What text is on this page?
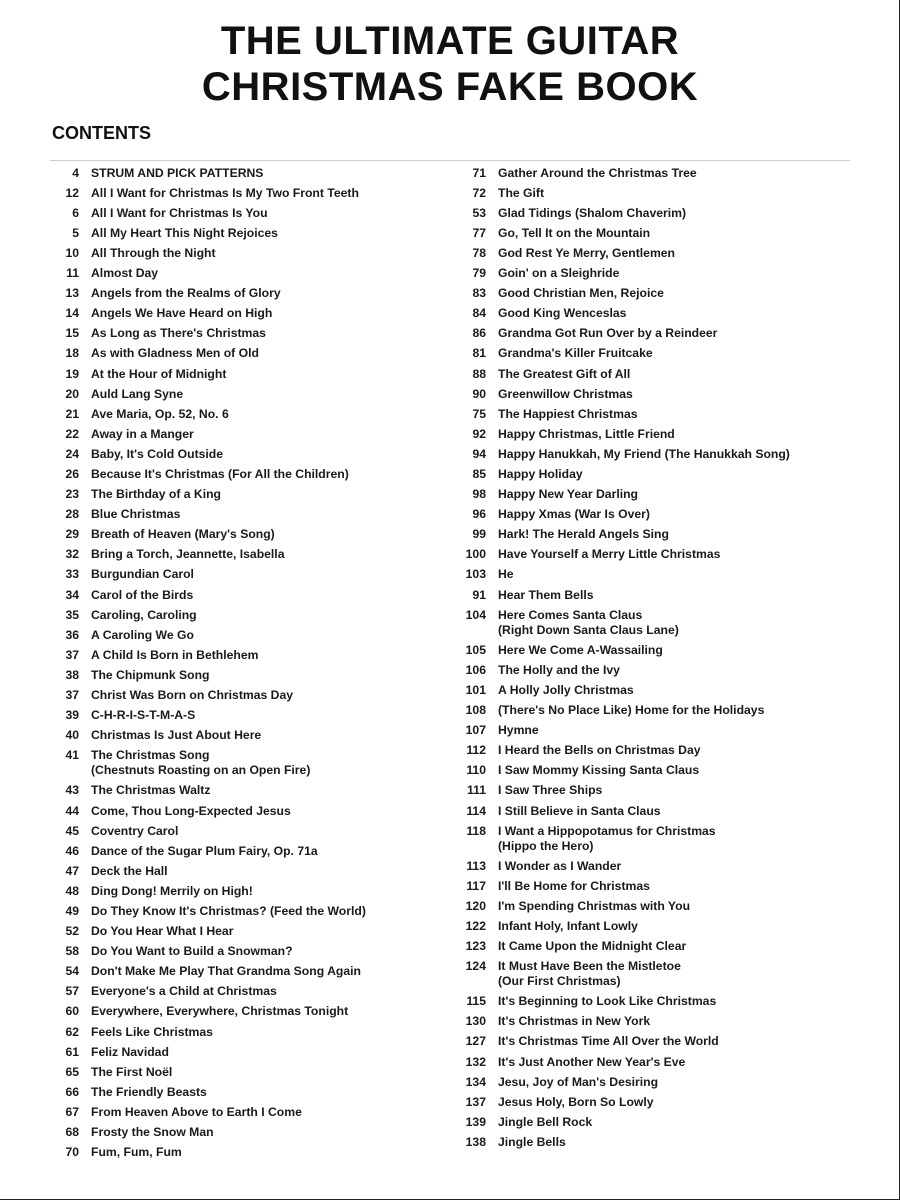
THE ULTIMATE GUITAR
CHRISTMAS FAKE BOOK
CONTENTS
4 STRUM AND PICK PATTERNS
12 All I Want for Christmas Is My Two Front Teeth
6 All I Want for Christmas Is You
5 All My Heart This Night Rejoices
10 All Through the Night
11 Almost Day
13 Angels from the Realms of Glory
14 Angels We Have Heard on High
15 As Long as There's Christmas
18 As with Gladness Men of Old
19 At the Hour of Midnight
20 Auld Lang Syne
21 Ave Maria, Op. 52, No. 6
22 Away in a Manger
24 Baby, It's Cold Outside
26 Because It's Christmas (For All the Children)
23 The Birthday of a King
28 Blue Christmas
29 Breath of Heaven (Mary's Song)
32 Bring a Torch, Jeannette, Isabella
33 Burgundian Carol
34 Carol of the Birds
35 Caroling, Caroling
36 A Caroling We Go
37 A Child Is Born in Bethlehem
38 The Chipmunk Song
37 Christ Was Born on Christmas Day
39 C-H-R-I-S-T-M-A-S
40 Christmas Is Just About Here
41 The Christmas Song
(Chestnuts Roasting on an Open Fire)
43 The Christmas Waltz
44 Come, Thou Long-Expected Jesus
45 Coventry Carol
46 Dance of the Sugar Plum Fairy, Op. 71a
47 Deck the Hall
48 Ding Dong! Merrily on High!
49 Do They Know It's Christmas? (Feed the World)
52 Do You Hear What I Hear
58 Do You Want to Build a Snowman?
54 Don't Make Me Play That Grandma Song Again
57 Everyone's a Child at Christmas
60 Everywhere, Everywhere, Christmas Tonight
62 Feels Like Christmas
61 Feliz Navidad
65 The First Noël
66 The Friendly Beasts
67 From Heaven Above to Earth I Come
68 Frosty the Snow Man
70 Fum, Fum, Fum
71 Gather Around the Christmas Tree
72 The Gift
53 Glad Tidings (Shalom Chaverim)
77 Go, Tell It on the Mountain
78 God Rest Ye Merry, Gentlemen
79 Goin' on a Sleighride
83 Good Christian Men, Rejoice
84 Good King Wenceslas
86 Grandma Got Run Over by a Reindeer
81 Grandma's Killer Fruitcake
88 The Greatest Gift of All
90 Greenwillow Christmas
75 The Happiest Christmas
92 Happy Christmas, Little Friend
94 Happy Hanukkah, My Friend (The Hanukkah Song)
85 Happy Holiday
98 Happy New Year Darling
96 Happy Xmas (War Is Over)
99 Hark! The Herald Angels Sing
100 Have Yourself a Merry Little Christmas
103 He
91 Hear Them Bells
104 Here Comes Santa Claus
(Right Down Santa Claus Lane)
105 Here We Come A-Wassailing
106 The Holly and the Ivy
101 A Holly Jolly Christmas
108 (There's No Place Like) Home for the Holidays
107 Hymne
112 I Heard the Bells on Christmas Day
110 I Saw Mommy Kissing Santa Claus
111 I Saw Three Ships
114 I Still Believe in Santa Claus
118 I Want a Hippopotamus for Christmas
(Hippo the Hero)
113 I Wonder as I Wander
117 I'll Be Home for Christmas
120 I'm Spending Christmas with You
122 Infant Holy, Infant Lowly
123 It Came Upon the Midnight Clear
124 It Must Have Been the Mistletoe
(Our First Christmas)
115 It's Beginning to Look Like Christmas
130 It's Christmas in New York
127 It's Christmas Time All Over the World
132 It's Just Another New Year's Eve
134 Jesu, Joy of Man's Desiring
137 Jesus Holy, Born So Lowly
139 Jingle Bell Rock
138 Jingle Bells
